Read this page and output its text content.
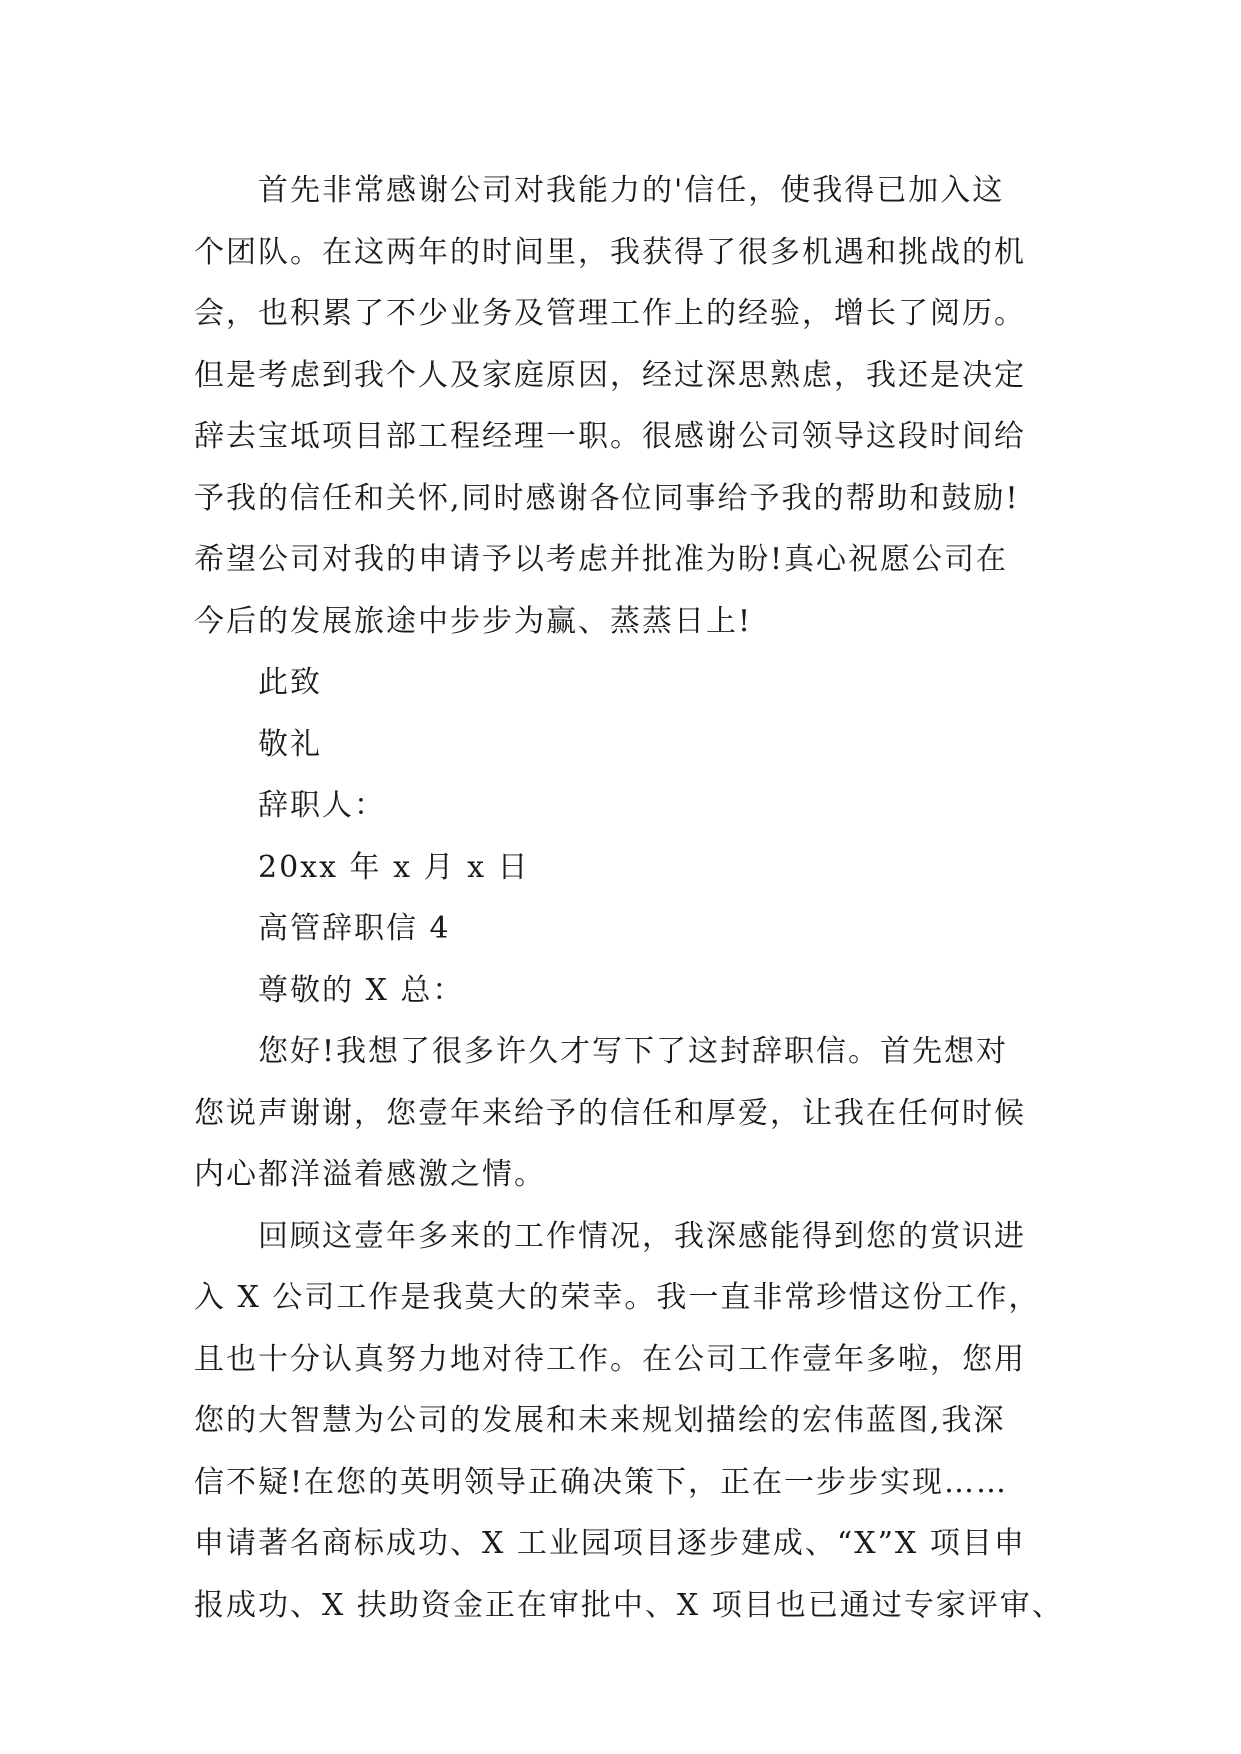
首先非常感谢公司对我能力的'信任，使我得已加入这
个团队。在这两年的时间里，我获得了很多机遇和挑战的机
会，也积累了不少业务及管理工作上的经验，增长了阅历。
但是考虑到我个人及家庭原因，经过深思熟虑，我还是决定
辞去宝坻项目部工程经理一职。很感谢公司领导这段时间给
予我的信任和关怀,同时感谢各位同事给予我的帮助和鼓励!
希望公司对我的申请予以考虑并批准为盼!真心祝愿公司在
今后的发展旅途中步步为赢、蒸蒸日上!
此致
敬礼
辞职人：
20xx 年 x 月 x 日
高管辞职信 4
尊敬的 X 总：
您好!我想了很多许久才写下了这封辞职信。首先想对
您说声谢谢，您壹年来给予的信任和厚爱，让我在任何时候
内心都洋溢着感激之情。
回顾这壹年多来的工作情况，我深感能得到您的赏识进
入 X 公司工作是我莫大的荣幸。我一直非常珍惜这份工作，
且也十分认真努力地对待工作。在公司工作壹年多啦，您用
您的大智慧为公司的发展和未来规划描绘的宏伟蓝图,我深
信不疑!在您的英明领导正确决策下，正在一步步实现……
申请著名商标成功、X 工业园项目逐步建成、“X”X 项目申
报成功、X 扶助资金正在审批中、X 项目也已通过专家评审、
